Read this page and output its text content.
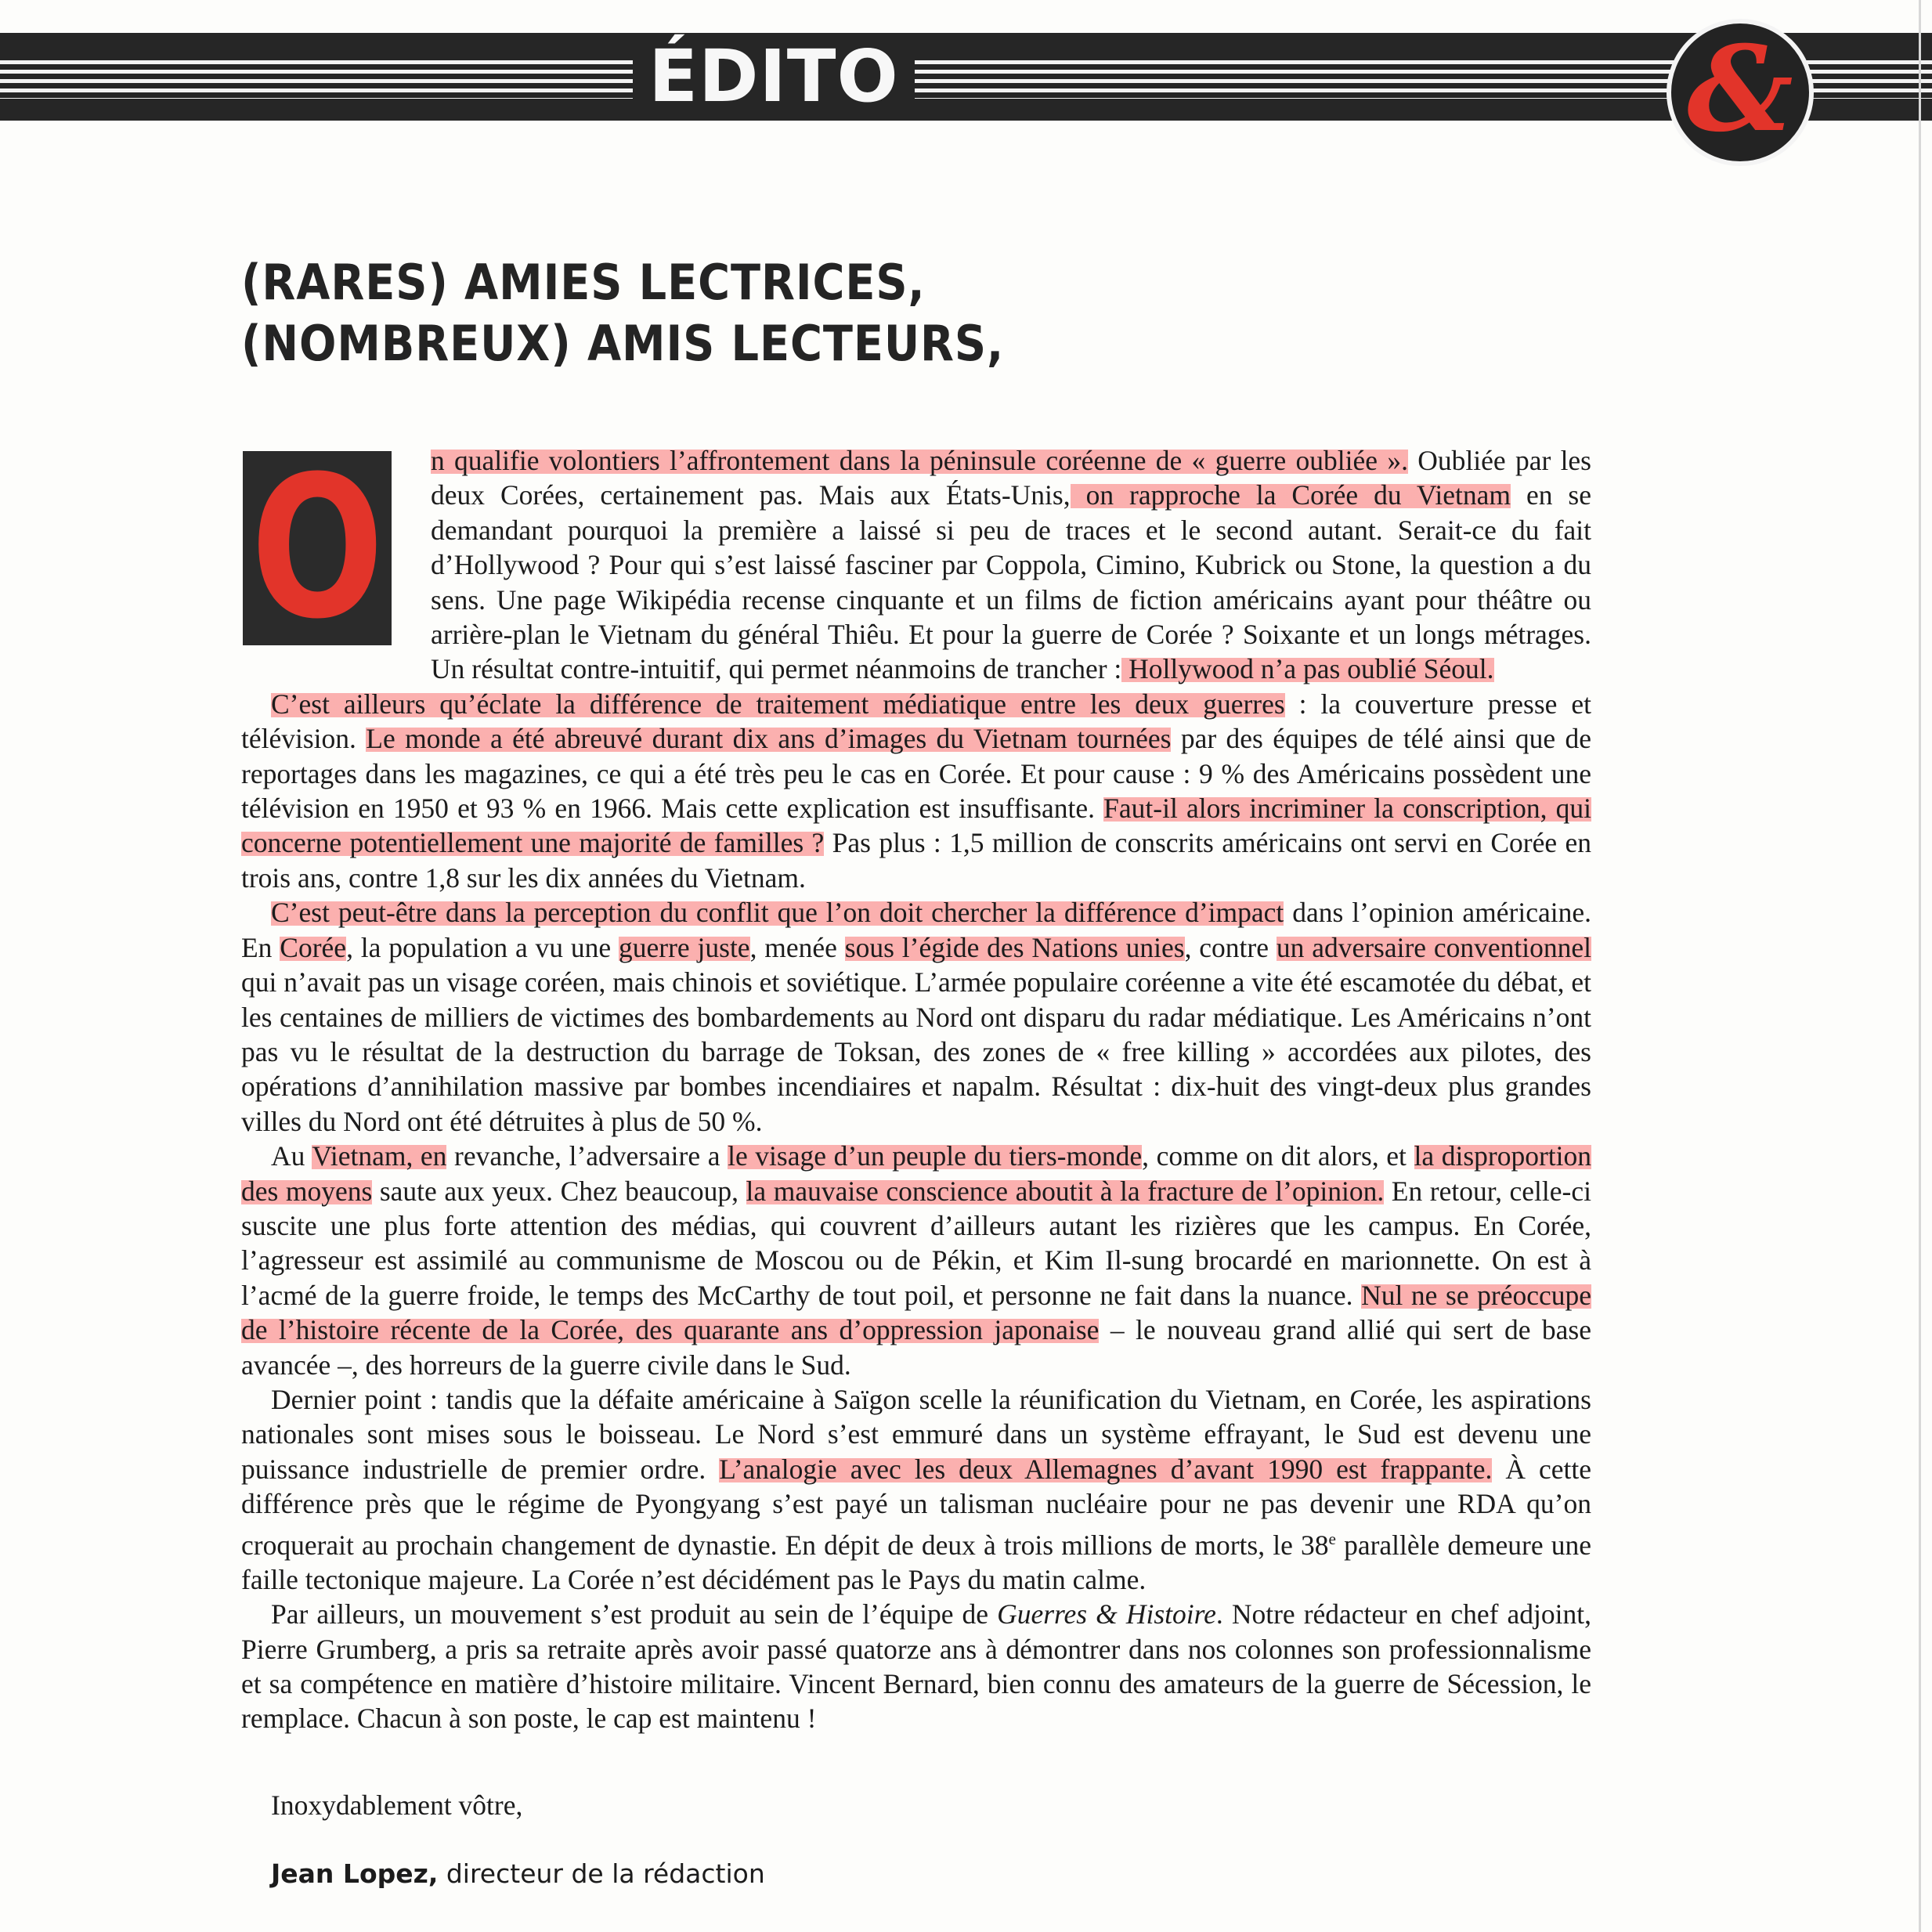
ÉDITO	&
(RARES) AMIES LECTRICES,
(NOMBREUX) AMIS LECTEURS,
O	n qualifie volontiers l’affrontement dans la péninsule coréenne de « guerre oubliée ». Oubliée par les deux Corées, certainement pas. Mais aux États-Unis, on rapproche la Corée du Vietnam en se demandant pourquoi la première a laissé si peu de traces et le second autant. Serait-ce du fait d’Hollywood ? Pour qui s’est laissé fasciner par Coppola, Cimino, Kubrick ou Stone, la question a du sens. Une page Wikipédia recense cinquante et un films de fiction américains ayant pour théâtre ou arrière-plan le Vietnam du général Thiêu. Et pour la guerre de Corée ? Soixante et un longs métrages. Un résultat contre-intuitif, qui permet néanmoins de trancher : Hollywood n’a pas oublié Séoul.

C’est ailleurs qu’éclate la différence de traitement médiatique entre les deux guerres : la couverture presse et télévision. Le monde a été abreuvé durant dix ans d’images du Vietnam tournées par des équipes de télé ainsi que de reportages dans les magazines, ce qui a été très peu le cas en Corée. Et pour cause : 9 % des Américains possèdent une télévision en 1950 et 93 % en 1966. Mais cette explication est insuffisante. Faut-il alors incriminer la conscription, qui concerne potentiellement une majorité de familles ? Pas plus : 1,5 million de conscrits américains ont servi en Corée en trois ans, contre 1,8 sur les dix années du Vietnam.

C’est peut-être dans la perception du conflit que l’on doit chercher la différence d’impact dans l’opinion américaine. En Corée, la population a vu une guerre juste, menée sous l’égide des Nations unies, contre un adversaire conventionnel qui n’avait pas un visage coréen, mais chinois et soviétique. L’armée populaire coréenne a vite été escamotée du débat, et les centaines de milliers de victimes des bombardements au Nord ont disparu du radar médiatique. Les Américains n’ont pas vu le résultat de la destruction du barrage de Toksan, des zones de « free killing » accordées aux pilotes, des opérations d’annihilation massive par bombes incendiaires et napalm. Résultat : dix-huit des vingt-deux plus grandes villes du Nord ont été détruites à plus de 50 %.

Au Vietnam, en revanche, l’adversaire a le visage d’un peuple du tiers-monde, comme on dit alors, et la disproportion des moyens saute aux yeux. Chez beaucoup, la mauvaise conscience aboutit à la fracture de l’opinion. En retour, celle-ci suscite une plus forte attention des médias, qui couvrent d’ailleurs autant les rizières que les campus. En Corée, l’agresseur est assimilé au communisme de Moscou ou de Pékin, et Kim Il-sung brocardé en marionnette. On est à l’acmé de la guerre froide, le temps des McCarthy de tout poil, et personne ne fait dans la nuance. Nul ne se préoccupe de l’histoire récente de la Corée, des quarante ans d’oppression japonaise – le nouveau grand allié qui sert de base avancée –, des horreurs de la guerre civile dans le Sud.

Dernier point : tandis que la défaite américaine à Saïgon scelle la réunification du Vietnam, en Corée, les aspirations nationales sont mises sous le boisseau. Le Nord s’est emmuré dans un système effrayant, le Sud est devenu une puissance industrielle de premier ordre. L’analogie avec les deux Allemagnes d’avant 1990 est frappante. À cette différence près que le régime de Pyongyang s’est payé un talisman nucléaire pour ne pas devenir une RDA qu’on croquerait au prochain changement de dynastie. En dépit de deux à trois millions de morts, le 38e parallèle demeure une faille tectonique majeure. La Corée n’est décidément pas le Pays du matin calme.

Par ailleurs, un mouvement s’est produit au sein de l’équipe de Guerres & Histoire. Notre rédacteur en chef adjoint, Pierre Grumberg, a pris sa retraite après avoir passé quatorze ans à démontrer dans nos colonnes son professionnalisme et sa compétence en matière d’histoire militaire. Vincent Bernard, bien connu des amateurs de la guerre de Sécession, le remplace. Chacun à son poste, le cap est maintenu !

Inoxydablement vôtre,
Jean Lopez, directeur de la rédaction
